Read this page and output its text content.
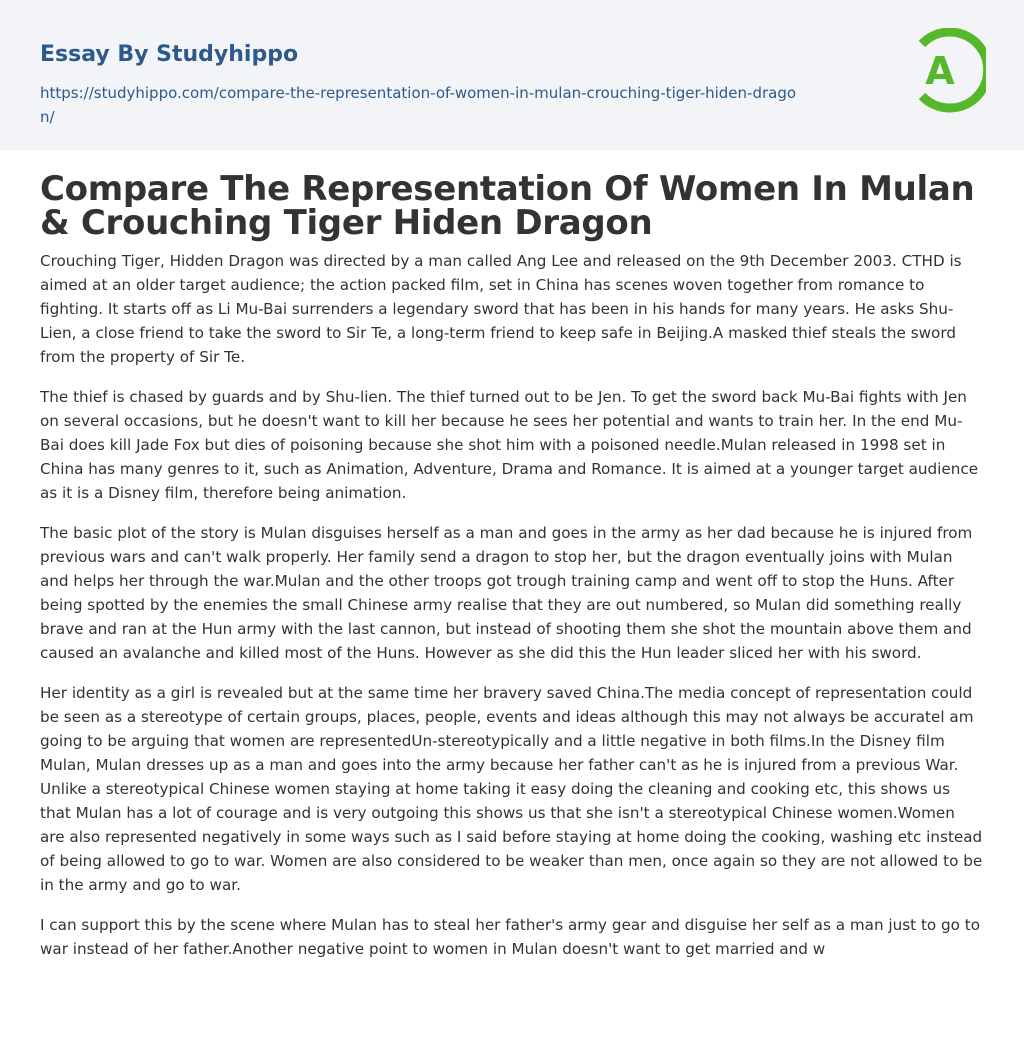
Essay By Studyhippo
https://studyhippo.com/compare-the-representation-of-women-in-mulan-crouching-tiger-hiden-dragon/
A
Compare The Representation Of Women In Mulan & Crouching Tiger Hiden Dragon

Crouching Tiger, Hidden Dragon was directed by a man called Ang Lee and released on the 9th December 2003. CTHD is aimed at an older target audience; the action packed film, set in China has scenes woven together from romance to fighting. It starts off as Li Mu-Bai surrenders a legendary sword that has been in his hands for many years. He asks Shu-Lien, a close friend to take the sword to Sir Te, a long-term friend to keep safe in Beijing.A masked thief steals the sword from the property of Sir Te.

The thief is chased by guards and by Shu-lien. The thief turned out to be Jen. To get the sword back Mu-Bai fights with Jen on several occasions, but he doesn't want to kill her because he sees her potential and wants to train her. In the end Mu-Bai does kill Jade Fox but dies of poisoning because she shot him with a poisoned needle.Mulan released in 1998 set in China has many genres to it, such as Animation, Adventure, Drama and Romance. It is aimed at a younger target audience as it is a Disney film, therefore being animation.

The basic plot of the story is Mulan disguises herself as a man and goes in the army as her dad because he is injured from previous wars and can't walk properly. Her family send a dragon to stop her, but the dragon eventually joins with Mulan and helps her through the war.Mulan and the other troops got trough training camp and went off to stop the Huns. After being spotted by the enemies the small Chinese army realise that they are out numbered, so Mulan did something really brave and ran at the Hun army with the last cannon, but instead of shooting them she shot the mountain above them and caused an avalanche and killed most of the Huns. However as she did this the Hun leader sliced her with his sword.

Her identity as a girl is revealed but at the same time her bravery saved China.The media concept of representation could be seen as a stereotype of certain groups, places, people, events and ideas although this may not always be accuratel am going to be arguing that women are representedUn-stereotypically and a little negative in both films.In the Disney film Mulan, Mulan dresses up as a man and goes into the army because her father can't as he is injured from a previous War. Unlike a stereotypical Chinese women staying at home taking it easy doing the cleaning and cooking etc, this shows us that Mulan has a lot of courage and is very outgoing this shows us that she isn't a stereotypical Chinese women.Women are also represented negatively in some ways such as I said before staying at home doing the cooking, washing etc instead of being allowed to go to war. Women are also considered to be weaker than men, once again so they are not allowed to be in the army and go to war.

I can support this by the scene where Mulan has to steal her father's army gear and disguise her self as a man just to go to war instead of her father.Another negative point to women in Mulan doesn't want to get married and w
